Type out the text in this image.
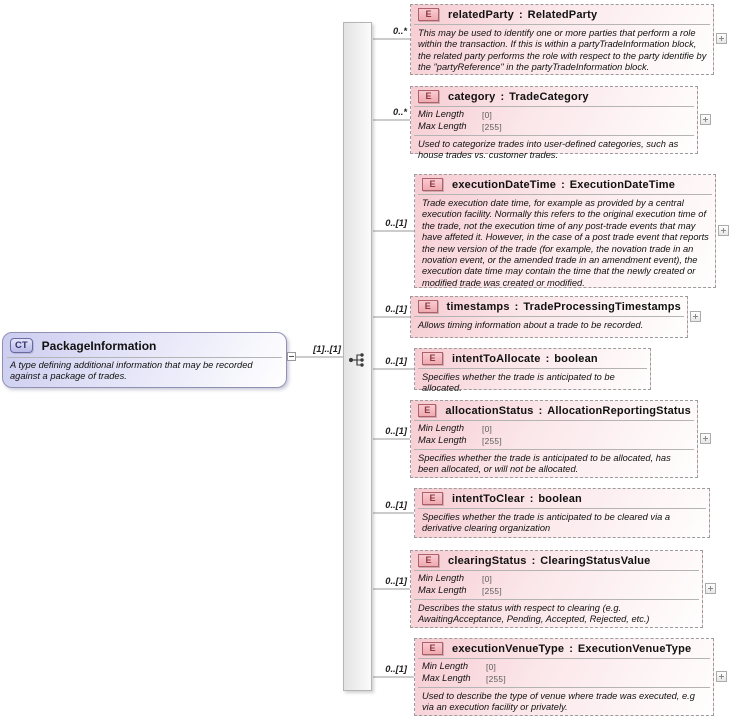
CT	PackageInformation
A type defining additional information that may be recorded against a package of trades.
[1]..[1]
0..*
0..*
0..[1]
0..[1]
0..[1]
0..[1]
0..[1]
0..[1]
0..[1]
E	relatedParty : RelatedParty
This may be used to identify one or more parties that perform a role within the transaction. If this is within a partyTradeInformation block, the related party performs the role with respect to the party identifie by the "partyReference" in the partyTradeInformation block.
E	category : TradeCategory
Min Length	[0]
Max Length	[255]
Used to categorize trades into user-defined categories, such as house trades vs. customer trades.
E	executionDateTime : ExecutionDateTime
Trade execution date time, for example as provided by a central execution facility. Normally this refers to the original execution time of the trade, not the execution time of any post-trade events that may have affeted it. However, in the case of a post trade event that reports the new version of the trade (for example, the novation trade in an novation event, or the amended trade in an amendment event), the execution date time may contain the time that the newly created or modified trade was created or modified.
E	timestamps : TradeProcessingTimestamps
Allows timing information about a trade to be recorded.
E	intentToAllocate : boolean
Specifies whether the trade is anticipated to be allocated.
E	allocationStatus : AllocationReportingStatus
Min Length	[0]
Max Length	[255]
Specifies whether the trade is anticipated to be allocated, has been allocated, or will not be allocated.
E	intentToClear : boolean
Specifies whether the trade is anticipated to be cleared via a derivative clearing organization
E	clearingStatus : ClearingStatusValue
Min Length	[0]
Max Length	[255]
Describes the status with respect to clearing (e.g. AwaitingAcceptance, Pending, Accepted, Rejected, etc.)
E	executionVenueType : ExecutionVenueType
Min Length	[0]
Max Length	[255]
Used to describe the type of venue where trade was executed, e.g via an execution facility or privately.
